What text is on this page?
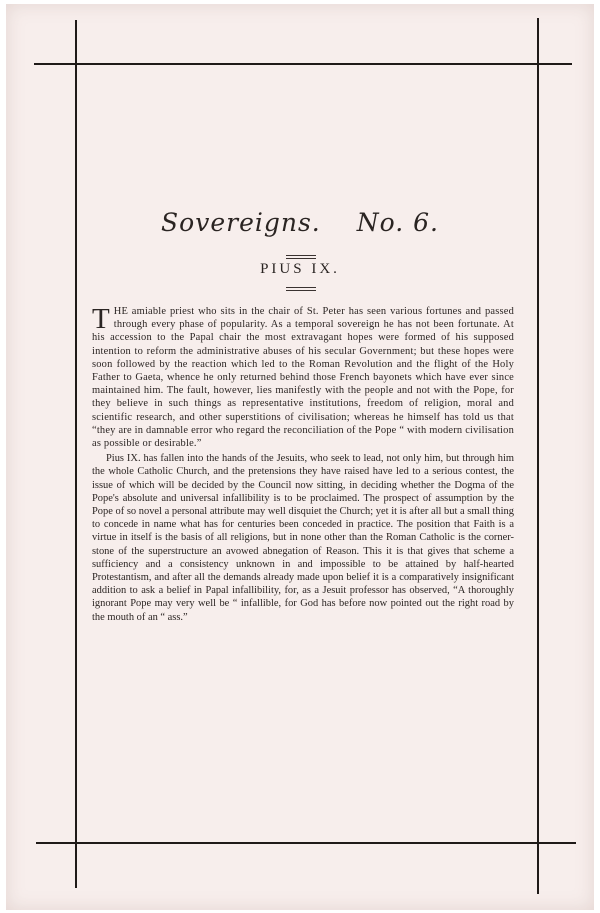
Sovereigns. No. 6.
PIUS IX.

THE amiable priest who sits in the chair of St. Peter has seen various fortunes and passed through every phase of popularity. As a temporal sovereign he has not been fortunate. At his accession to the Papal chair the most extravagant hopes were formed of his supposed intention to reform the administrative abuses of his secular Government; but these hopes were soon followed by the reaction which led to the Roman Revolution and the flight of the Holy Father to Gaeta, whence he only returned behind those French bayonets which have ever since maintained him. The fault, however, lies manifestly with the people and not with the Pope, for they believe in such things as representative institutions, freedom of religion, moral and scientific research, and other superstitions of civilisation; whereas he himself has told us that “they are in damnable error who regard the reconciliation of the Pope “ with modern civilisation as possible or desirable.”

Pius IX. has fallen into the hands of the Jesuits, who seek to lead, not only him, but through him the whole Catholic Church, and the pretensions they have raised have led to a serious contest, the issue of which will be decided by the Council now sitting, in deciding whether the Dogma of the Pope's absolute and universal infallibility is to be proclaimed. The prospect of assumption by the Pope of so novel a personal attribute may well disquiet the Church; yet it is after all but a small thing to concede in name what has for centuries been conceded in practice. The position that Faith is a virtue in itself is the basis of all religions, but in none other than the Roman Catholic is the corner-stone of the superstructure an avowed abnegation of Reason. This it is that gives that scheme a sufficiency and a consistency unknown in and impossible to be attained by half-hearted Protestantism, and after all the demands already made upon belief it is a comparatively insignificant addition to ask a belief in Papal infallibility, for, as a Jesuit professor has observed, “A thoroughly ignorant Pope may very well be “ infallible, for God has before now pointed out the right road by the mouth of an “ ass.”
